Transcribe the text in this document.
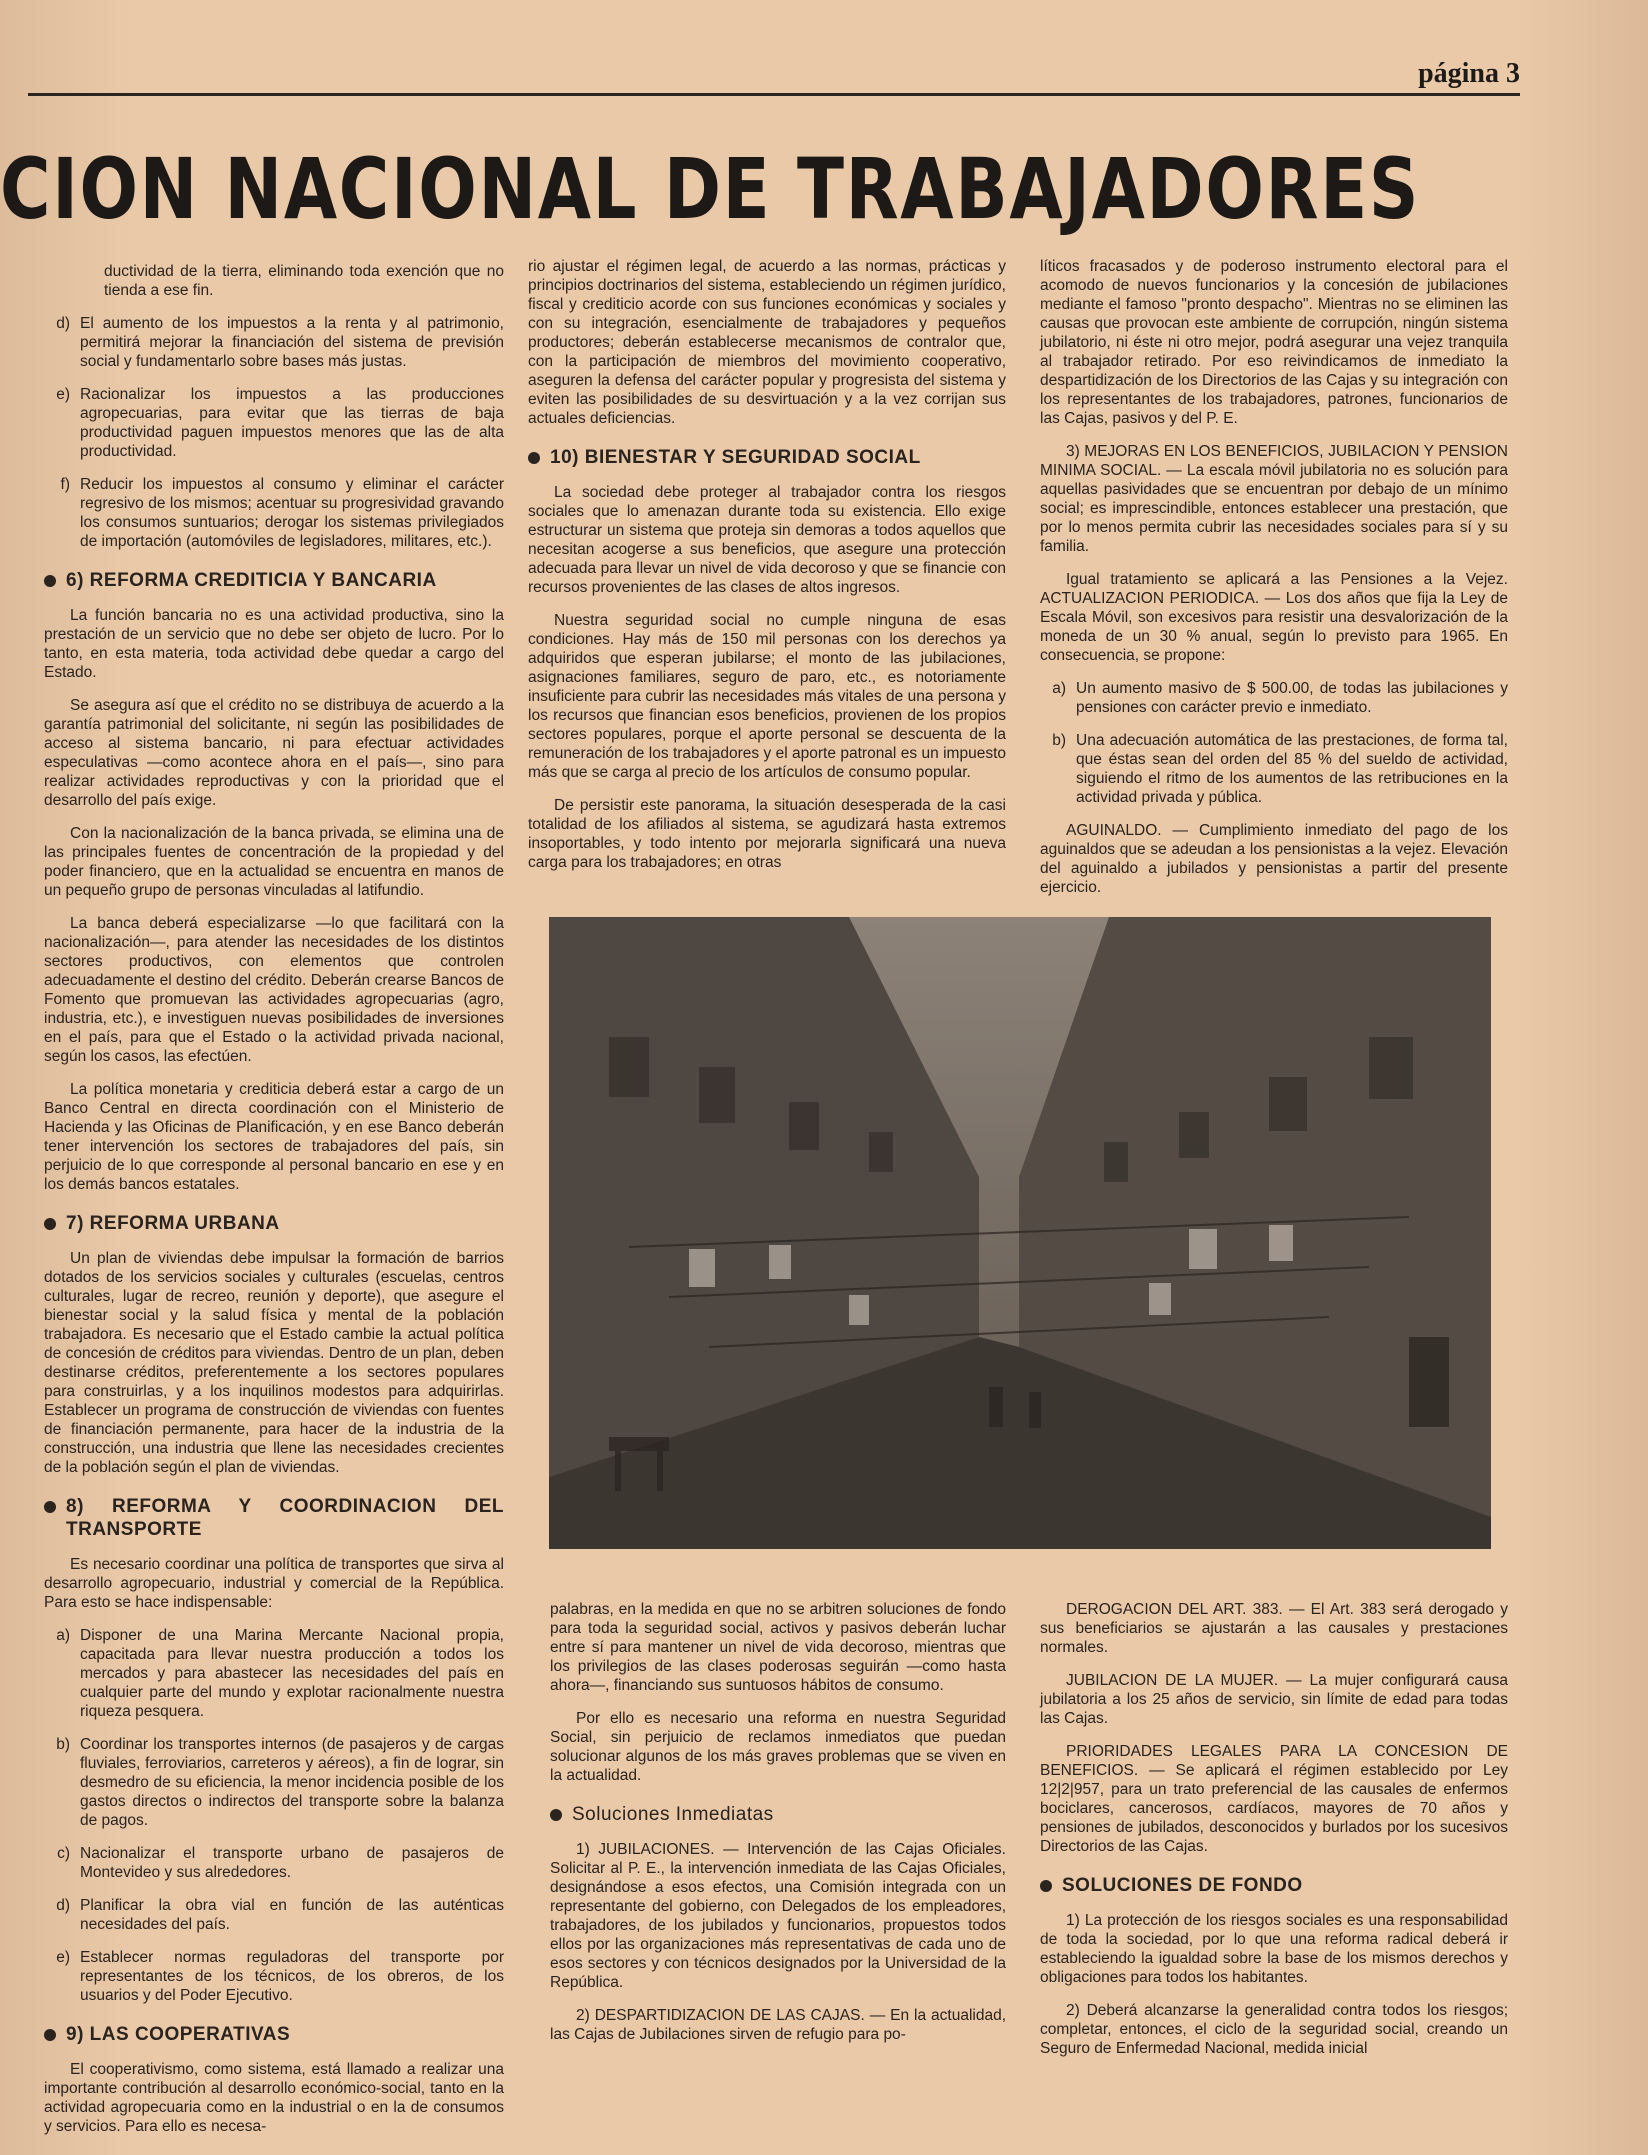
página 3
CION NACIONAL DE TRABAJADORES

ductividad de la tierra, eliminando toda exención que no tienda a ese fin.

d) El aumento de los impuestos a la renta y al patrimonio, permitirá mejorar la financiación del sistema de previsión social y fundamentarlo sobre bases más justas.
e) Racionalizar los impuestos a las producciones agropecuarias, para evitar que las tierras de baja productividad paguen impuestos menores que las de alta productividad.
f) Reducir los impuestos al consumo y eliminar el carácter regresivo de los mismos; acentuar su progresividad gravando los consumos suntuarios; derogar los sistemas privilegiados de importación (automóviles de legisladores, militares, etc.).
6) REFORMA CREDITICIA Y BANCARIA

La función bancaria no es una actividad productiva, sino la prestación de un servicio que no debe ser objeto de lucro. Por lo tanto, en esta materia, toda actividad debe quedar a cargo del Estado.

Se asegura así que el crédito no se distribuya de acuerdo a la garantía patrimonial del solicitante, ni según las posibilidades de acceso al sistema bancario, ni para efectuar actividades especulativas —como acontece ahora en el país—, sino para realizar actividades reproductivas y con la prioridad que el desarrollo del país exige.

Con la nacionalización de la banca privada, se elimina una de las principales fuentes de concentración de la propiedad y del poder financiero, que en la actualidad se encuentra en manos de un pequeño grupo de personas vinculadas al latifundio.

La banca deberá especializarse —lo que facilitará con la nacionalización—, para atender las necesidades de los distintos sectores productivos, con elementos que controlen adecuadamente el destino del crédito. Deberán crearse Bancos de Fomento que promuevan las actividades agropecuarias (agro, industria, etc.), e investiguen nuevas posibilidades de inversiones en el país, para que el Estado o la actividad privada nacional, según los casos, las efectúen.

La política monetaria y crediticia deberá estar a cargo de un Banco Central en directa coordinación con el Ministerio de Hacienda y las Oficinas de Planificación, y en ese Banco deberán tener intervención los sectores de trabajadores del país, sin perjuicio de lo que corresponde al personal bancario en ese y en los demás bancos estatales.

7) REFORMA URBANA

Un plan de viviendas debe impulsar la formación de barrios dotados de los servicios sociales y culturales (escuelas, centros culturales, lugar de recreo, reunión y deporte), que asegure el bienestar social y la salud física y mental de la población trabajadora. Es necesario que el Estado cambie la actual política de concesión de créditos para viviendas. Dentro de un plan, deben destinarse créditos, preferentemente a los sectores populares para construirlas, y a los inquilinos modestos para adquirirlas. Establecer un programa de construcción de viviendas con fuentes de financiación permanente, para hacer de la industria de la construcción, una industria que llene las necesidades crecientes de la población según el plan de viviendas.

8) REFORMA Y COORDINACION DEL TRANSPORTE

Es necesario coordinar una política de transportes que sirva al desarrollo agropecuario, industrial y comercial de la República. Para esto se hace indispensable:

a) Disponer de una Marina Mercante Nacional propia, capacitada para llevar nuestra producción a todos los mercados y para abastecer las necesidades del país en cualquier parte del mundo y explotar racionalmente nuestra riqueza pesquera.
b) Coordinar los transportes internos (de pasajeros y de cargas fluviales, ferroviarios, carreteros y aéreos), a fin de lograr, sin desmedro de su eficiencia, la menor incidencia posible de los gastos directos o indirectos del transporte sobre la balanza de pagos.
c) Nacionalizar el transporte urbano de pasajeros de Montevideo y sus alrededores.
d) Planificar la obra vial en función de las auténticas necesidades del país.
e) Establecer normas reguladoras del transporte por representantes de los técnicos, de los obreros, de los usuarios y del Poder Ejecutivo.
9) LAS COOPERATIVAS

El cooperativismo, como sistema, está llamado a realizar una importante contribución al desarrollo económico-social, tanto en la actividad agropecuaria como en la industrial o en la de consumos y servicios. Para ello es necesa-

rio ajustar el régimen legal, de acuerdo a las normas, prácticas y principios doctrinarios del sistema, estableciendo un régimen jurídico, fiscal y crediticio acorde con sus funciones económicas y sociales y con su integración, esencialmente de trabajadores y pequeños productores; deberán establecerse mecanismos de contralor que, con la participación de miembros del movimiento cooperativo, aseguren la defensa del carácter popular y progresista del sistema y eviten las posibilidades de su desvirtuación y a la vez corrijan sus actuales deficiencias.

10) BIENESTAR Y SEGURIDAD SOCIAL

La sociedad debe proteger al trabajador contra los riesgos sociales que lo amenazan durante toda su existencia. Ello exige estructurar un sistema que proteja sin demoras a todos aquellos que necesitan acogerse a sus beneficios, que asegure una protección adecuada para llevar un nivel de vida decoroso y que se financie con recursos provenientes de las clases de altos ingresos.

Nuestra seguridad social no cumple ninguna de esas condiciones. Hay más de 150 mil personas con los derechos ya adquiridos que esperan jubilarse; el monto de las jubilaciones, asignaciones familiares, seguro de paro, etc., es notoriamente insuficiente para cubrir las necesidades más vitales de una persona y los recursos que financian esos beneficios, provienen de los propios sectores populares, porque el aporte personal se descuenta de la remuneración de los trabajadores y el aporte patronal es un impuesto más que se carga al precio de los artículos de consumo popular.

De persistir este panorama, la situación desesperada de la casi totalidad de los afiliados al sistema, se agudizará hasta extremos insoportables, y todo intento por mejorarla significará una nueva carga para los trabajadores; en otras

líticos fracasados y de poderoso instrumento electoral para el acomodo de nuevos funcionarios y la concesión de jubilaciones mediante el famoso "pronto despacho". Mientras no se eliminen las causas que provocan este ambiente de corrupción, ningún sistema jubilatorio, ni éste ni otro mejor, podrá asegurar una vejez tranquila al trabajador retirado. Por eso reivindicamos de inmediato la despartidización de los Directorios de las Cajas y su integración con los representantes de los trabajadores, patrones, funcionarios de las Cajas, pasivos y del P. E.

3) MEJORAS EN LOS BENEFICIOS, JUBILACION Y PENSION MINIMA SOCIAL. — La escala móvil jubilatoria no es solución para aquellas pasividades que se encuentran por debajo de un mínimo social; es imprescindible, entonces establecer una prestación, que por lo menos permita cubrir las necesidades sociales para sí y su familia.

Igual tratamiento se aplicará a las Pensiones a la Vejez. ACTUALIZACION PERIODICA. — Los dos años que fija la Ley de Escala Móvil, son excesivos para resistir una desvalorización de la moneda de un 30 % anual, según lo previsto para 1965. En consecuencia, se propone:

a) Un aumento masivo de $ 500.00, de todas las jubilaciones y pensiones con carácter previo e inmediato.
b) Una adecuación automática de las prestaciones, de forma tal, que éstas sean del orden del 85 % del sueldo de actividad, siguiendo el ritmo de los aumentos de las retribuciones en la actividad privada y pública.

AGUINALDO. — Cumplimiento inmediato del pago de los aguinaldos que se adeudan a los pensionistas a la vejez. Elevación del aguinaldo a jubilados y pensionistas a partir del presente ejercicio.

palabras, en la medida en que no se arbitren soluciones de fondo para toda la seguridad social, activos y pasivos deberán luchar entre sí para mantener un nivel de vida decoroso, mientras que los privilegios de las clases poderosas seguirán —como hasta ahora—, financiando sus suntuosos hábitos de consumo.

Por ello es necesario una reforma en nuestra Seguridad Social, sin perjuicio de reclamos inmediatos que puedan solucionar algunos de los más graves problemas que se viven en la actualidad.

Soluciones Inmediatas

1) JUBILACIONES. — Intervención de las Cajas Oficiales. Solicitar al P. E., la intervención inmediata de las Cajas Oficiales, designándose a esos efectos, una Comisión integrada con un representante del gobierno, con Delegados de los empleadores, trabajadores, de los jubilados y funcionarios, propuestos todos ellos por las organizaciones más representativas de cada uno de esos sectores y con técnicos designados por la Universidad de la República.

2) DESPARTIDIZACION DE LAS CAJAS. — En la actualidad, las Cajas de Jubilaciones sirven de refugio para po-

DEROGACION DEL ART. 383. — El Art. 383 será derogado y sus beneficiarios se ajustarán a las causales y prestaciones normales.

JUBILACION DE LA MUJER. — La mujer configurará causa jubilatoria a los 25 años de servicio, sin límite de edad para todas las Cajas.

PRIORIDADES LEGALES PARA LA CONCESION DE BENEFICIOS. — Se aplicará el régimen establecido por Ley 12|2|957, para un trato preferencial de las causales de enfermos bociclares, cancerosos, cardíacos, mayores de 70 años y pensiones de jubilados, desconocidos y burlados por los sucesivos Directorios de las Cajas.

SOLUCIONES DE FONDO

1) La protección de los riesgos sociales es una responsabilidad de toda la sociedad, por lo que una reforma radical deberá ir estableciendo la igualdad sobre la base de los mismos derechos y obligaciones para todos los habitantes.

2) Deberá alcanzarse la generalidad contra todos los riesgos; completar, entonces, el ciclo de la seguridad social, creando un Seguro de Enfermedad Nacional, medida inicial
